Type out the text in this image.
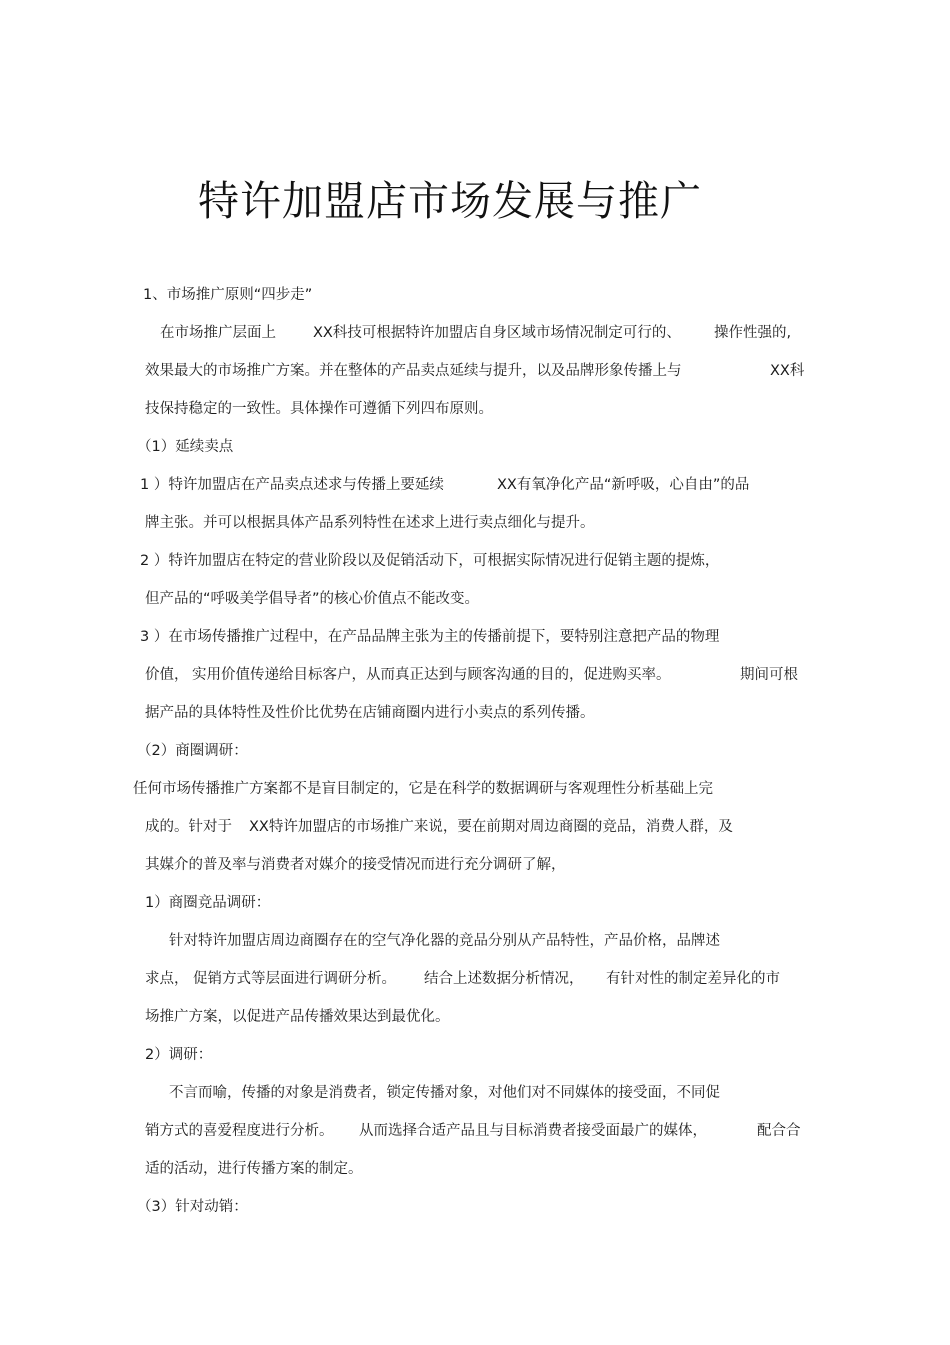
特许加盟店市场发展与推广
1、市场推广原则“四步走”
在市场推广层面上	XX科技可根据特许加盟店自身区域市场情况制定可行的、 操作性强的,
效果最大的市场推广方案。并在整体的产品卖点延续与提升，以及品牌形象传播上与	XX科
技保持稳定的一致性。具体操作可遵循下列四布原则。
（1）延续卖点
1 ）特许加盟店在产品卖点述求与传播上要延续	XX有氧净化产品“新呼吸，心自由”的品
牌主张。并可以根据具体产品系列特性在述求上进行卖点细化与提升。
2 ）特许加盟店在特定的营业阶段以及促销活动下，可根据实际情况进行促销主题的提炼，
但产品的“呼吸美学倡导者”的核心价值点不能改变。
3 ）在市场传播推广过程中，在产品品牌主张为主的传播前提下，要特别注意把产品的物理
价值， 实用价值传递给目标客户，从而真正达到与顾客沟通的目的，促进购买率。	期间可根
据产品的具体特性及性价比优势在店铺商圈内进行小卖点的系列传播。
（2）商圈调研：
任何市场传播推广方案都不是盲目制定的，它是在科学的数据调研与客观理性分析基础上完
成的。针对于 XX特许加盟店的市场推广来说，要在前期对周边商圈的竞品，消费人群，及
其媒介的普及率与消费者对媒介的接受情况而进行充分调研了解，
1）商圈竞品调研：
针对特许加盟店周边商圈存在的空气净化器的竞品分别从产品特性，产品价格，品牌述
求点， 促销方式等层面进行调研分析。 结合上述数据分析情况， 有针对性的制定差异化的市
场推广方案，以促进产品传播效果达到最优化。
2）调研：
不言而喻，传播的对象是消费者，锁定传播对象，对他们对不同媒体的接受面，不同促
销方式的喜爱程度进行分析。 从而选择合适产品且与目标消费者接受面最广的媒体，	配合合
适的活动，进行传播方案的制定。
（3）针对动销：
